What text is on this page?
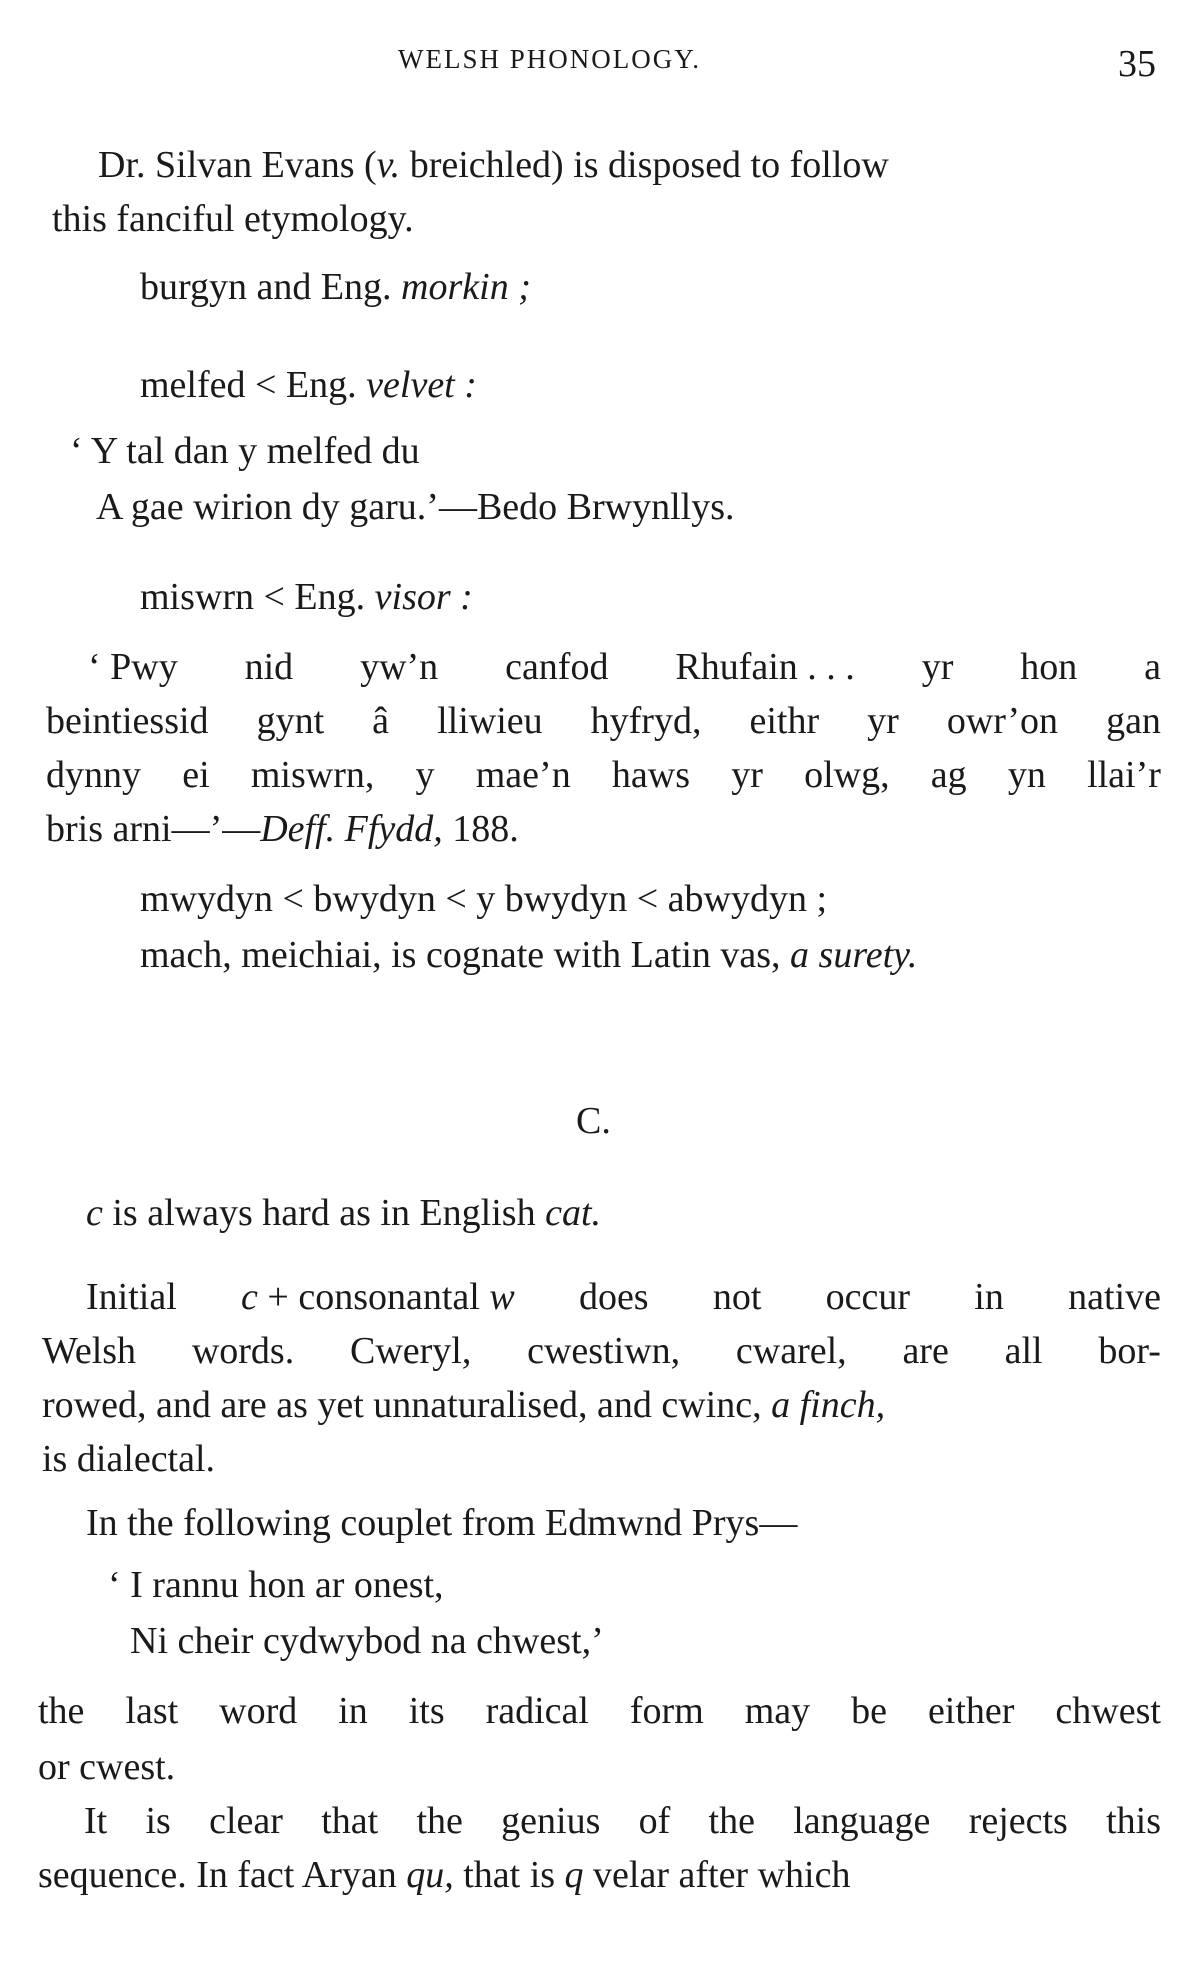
WELSH PHONOLOGY.	35
Dr. Silvan Evans (v. breichled) is disposed to follow
this fanciful etymology.
burgyn and Eng. morkin ;
melfed < Eng. velvet :
‘ Y tal dan y melfed du
A gae wirion dy garu.’—Bedo Brwynllys.
miswrn < Eng. visor :
‘ Pwy nid yw’n canfod Rhufain . . . yr hon a
beintiessid gynt â lliwieu hyfryd, eithr yr owr’on gan
dynny ei miswrn, y mae’n haws yr olwg, ag yn llai’r
bris arni—’—Deff. Ffydd, 188.
mwydyn < bwydyn < y bwydyn < abwydyn ;
mach, meichiai, is cognate with Latin vas, a surety.
C.
c is always hard as in English cat.
Initial c + consonantal w does not occur in native
Welsh words. Cweryl, cwestiwn, cwarel, are all bor-
rowed, and are as yet unnaturalised, and cwinc, a finch,
is dialectal.
In the following couplet from Edmwnd Prys—
‘ I rannu hon ar onest,
Ni cheir cydwybod na chwest,’
the last word in its radical form may be either chwest
or cwest.
It is clear that the genius of the language rejects this
sequence. In fact Aryan qu, that is q velar after which
